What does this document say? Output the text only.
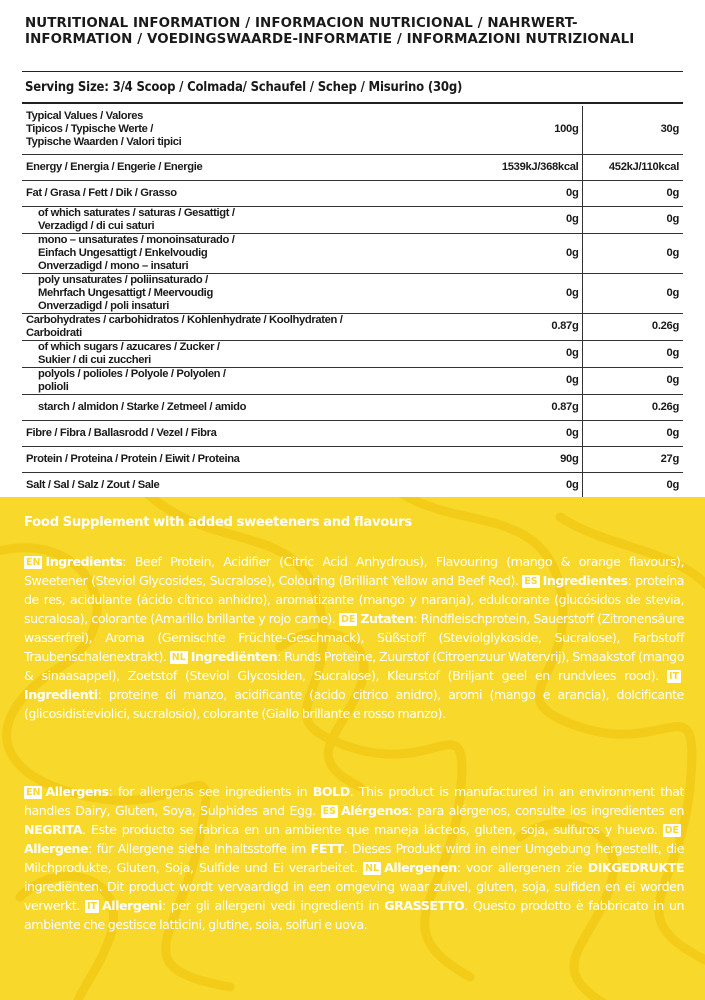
NUTRITIONAL INFORMATION / INFORMACION NUTRICIONAL / NAHRWERT-INFORMATION / VOEDINGSWAARDE-INFORMATIE / INFORMAZIONI NUTRIZIONALI
Serving Size: 3/4 Scoop / Colmada/ Schaufel / Schep / Misurino (30g)
Typical Values / Valores Tipicos / Typische Werte / Typische Waarden / Valori tipici	100g	30g
Energy / Energia / Engerie / Energie	1539kJ/368kcal	452kJ/110kcal
Fat / Grasa / Fett / Dik / Grasso	0g	0g
of which saturates / saturas / Gesattigt / Verzadigd / di cui saturi	0g	0g
mono – unsaturates / monoinsaturado / Einfach Ungesattigt / Enkelvoudig Onverzadigd / mono – insaturi	0g	0g
poly unsaturates / poliinsaturado / Mehrfach Ungesattigt / Meervoudig Onverzadigd / poli insaturi	0g	0g
Carbohydrates / carbohidratos / Kohlenhydrate / Koolhydraten / Carboidrati	0.87g	0.26g
of which sugars / azucares / Zucker / Sukier / di cui zuccheri	0g	0g
polyols / polioles / Polyole / Polyolen / polioli	0g	0g
starch / almidon / Starke / Zetmeel / amido	0.87g	0.26g
Fibre / Fibra / Ballasrodd / Vezel / Fibra	0g	0g
Protein / Proteina / Protein / Eiwit / Proteina	90g	27g
Salt / Sal / Salz / Zout / Sale	0g	0g
Food Supplement with added sweeteners and flavours
EN Ingredients: Beef Protein, Acidifier (Citric Acid Anhydrous), Flavouring (mango & orange flavours), Sweetener (Steviol Glycosides, Sucralose), Colouring (Brilliant Yellow and Beef Red). ES Ingredientes: proteína de res, acidulante (ácido cítrico anhidro), aromatizante (mango y naranja), edulcorante (glucósidos de stevia, sucralosa), colorante (Amarillo brillante y rojo carne). DE Zutaten: Rindfleischprotein, Sauerstoff (Zitronensäure wasserfrei), Aroma (Gemischte Früchte-Geschmack), Süßstoff (Steviolglykoside, Sucralose), Farbstoff Traubenschalenextrakt). NL Ingrediënten: Runds Proteïne, Zuurstof (Citroenzuur Watervrij), Smaakstof (mango & sinaasappel), Zoetstof (Steviol Glycosiden, Sucralose), Kleurstof (Briljant geel en rundvlees rood). ITIngredienti: proteine di manzo, acidificante (acido citrico anidro), aromi (mango e arancia), dolcificante (glicosidisteviolici, sucralosio), colorante (Giallo brillante e rosso manzo).
EN Allergens: for allergens see ingredients in BOLD. This product is manufactured in an environment that handles Dairy, Gluten, Soya, Sulphides and Egg. ES Alérgenos: para alérgenos, consulte los ingredientes en NEGRITA. Este producto se fabrica en un ambiente que maneja lácteos, gluten, soja, sulfuros y huevo. DEAllergene: für Allergene siehe Inhaltsstoffe im FETT. Dieses Produkt wird in einer Umgebung hergestellt, die Milchprodukte, Gluten, Soja, Sulfide und Ei verarbeitet. NL Allergenen: voor allergenen zie DIKGEDRUKTE ingrediënten. Dit product wordt vervaardigd in een omgeving waar zuivel, gluten, soja, sulfiden en ei worden verwerkt. IT Allergeni: per gli allergeni vedi ingredienti in GRASSETTO. Questo prodotto è fabbricato in un ambiente che gestisce latticini, glutine, soia, solfuri e uova.
